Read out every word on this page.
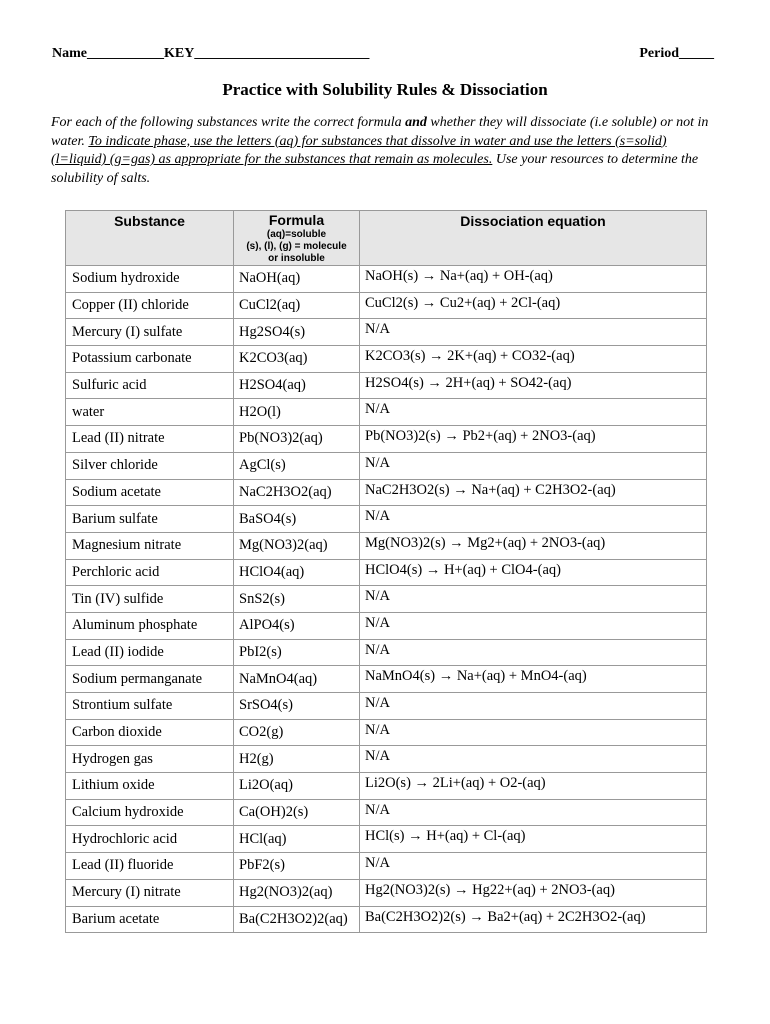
Name___________KEY_________________________	Period_____
Practice with Solubility Rules & Dissociation
For each of the following substances write the correct formula and whether they will dissociate (i.e soluble) or not in water. To indicate phase, use the letters (aq) for substances that dissolve in water and use the letters (s=solid) (l=liquid) (g=gas) as appropriate for the substances that remain as molecules. Use your resources to determine the solubility of salts.
Substance	Formula
(aq)=soluble
(s), (l), (g) = molecule
or insoluble	Dissociation equation
Sodium hydroxide	NaOH(aq)	NaOH(s) → Na+(aq) + OH-(aq)
Copper (II) chloride	CuCl2(aq)	CuCl2(s) → Cu2+(aq) + 2Cl-(aq)
Mercury (I) sulfate	Hg2SO4(s)	N/A
Potassium carbonate	K2CO3(aq)	K2CO3(s) → 2K+(aq) + CO32-(aq)
Sulfuric acid	H2SO4(aq)	H2SO4(s) → 2H+(aq) + SO42-(aq)
water	H2O(l)	N/A
Lead (II) nitrate	Pb(NO3)2(aq)	Pb(NO3)2(s) → Pb2+(aq) + 2NO3-(aq)
Silver chloride	AgCl(s)	N/A
Sodium acetate	NaC2H3O2(aq)	NaC2H3O2(s) → Na+(aq) + C2H3O2-(aq)
Barium sulfate	BaSO4(s)	N/A
Magnesium nitrate	Mg(NO3)2(aq)	Mg(NO3)2(s) → Mg2+(aq) + 2NO3-(aq)
Perchloric acid	HClO4(aq)	HClO4(s) → H+(aq) + ClO4-(aq)
Tin (IV) sulfide	SnS2(s)	N/A
Aluminum phosphate	AlPO4(s)	N/A
Lead (II) iodide	PbI2(s)	N/A
Sodium permanganate	NaMnO4(aq)	NaMnO4(s) → Na+(aq) + MnO4-(aq)
Strontium sulfate	SrSO4(s)	N/A
Carbon dioxide	CO2(g)	N/A
Hydrogen gas	H2(g)	N/A
Lithium oxide	Li2O(aq)	Li2O(s) → 2Li+(aq) + O2-(aq)
Calcium hydroxide	Ca(OH)2(s)	N/A
Hydrochloric acid	HCl(aq)	HCl(s) → H+(aq) + Cl-(aq)
Lead (II) fluoride	PbF2(s)	N/A
Mercury (I) nitrate	Hg2(NO3)2(aq)	Hg2(NO3)2(s) → Hg22+(aq) + 2NO3-(aq)
Barium acetate	Ba(C2H3O2)2(aq)	Ba(C2H3O2)2(s) → Ba2+(aq) + 2C2H3O2-(aq)
